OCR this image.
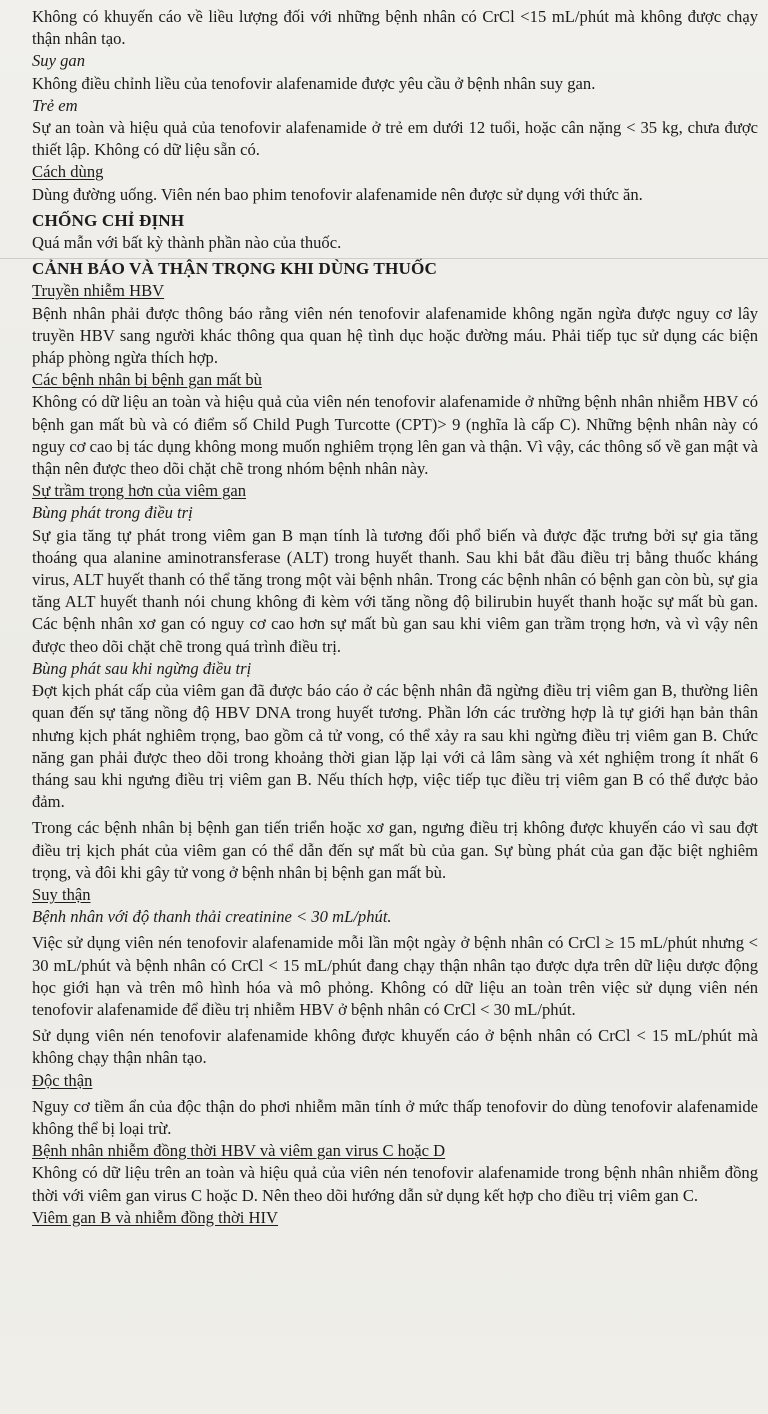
Không có khuyến cáo về liều lượng đối với những bệnh nhân có CrCl <15 mL/phút mà không được chạy thận nhân tạo.

Suy gan

Không điều chỉnh liều của tenofovir alafenamide được yêu cầu ở bệnh nhân suy gan.

Trẻ em

Sự an toàn và hiệu quả của tenofovir alafenamide ở trẻ em dưới 12 tuổi, hoặc cân nặng < 35 kg, chưa được thiết lập. Không có dữ liệu sẵn có.

Cách dùng

Dùng đường uống. Viên nén bao phim tenofovir alafenamide nên được sử dụng với thức ăn.

CHỐNG CHỈ ĐỊNH

Quá mẫn với bất kỳ thành phần nào của thuốc.

CẢNH BÁO VÀ THẬN TRỌNG KHI DÙNG THUỐC

Truyền nhiễm HBV

Bệnh nhân phải được thông báo rằng viên nén tenofovir alafenamide không ngăn ngừa được nguy cơ lây truyền HBV sang người khác thông qua quan hệ tình dục hoặc đường máu. Phải tiếp tục sử dụng các biện pháp phòng ngừa thích hợp.

Các bệnh nhân bị bệnh gan mất bù

Không có dữ liệu an toàn và hiệu quả của viên nén tenofovir alafenamide ở những bệnh nhân nhiễm HBV có bệnh gan mất bù và có điểm số Child Pugh Turcotte (CPT)> 9 (nghĩa là cấp C). Những bệnh nhân này có nguy cơ cao bị tác dụng không mong muốn nghiêm trọng lên gan và thận. Vì vậy, các thông số về gan mật và thận nên được theo dõi chặt chẽ trong nhóm bệnh nhân này.

Sự trầm trọng hơn của viêm gan

Bùng phát trong điều trị

Sự gia tăng tự phát trong viêm gan B mạn tính là tương đối phổ biến và được đặc trưng bởi sự gia tăng thoáng qua alanine aminotransferase (ALT) trong huyết thanh. Sau khi bắt đầu điều trị bằng thuốc kháng virus, ALT huyết thanh có thể tăng trong một vài bệnh nhân. Trong các bệnh nhân có bệnh gan còn bù, sự gia tăng ALT huyết thanh nói chung không đi kèm với tăng nồng độ bilirubin huyết thanh hoặc sự mất bù gan. Các bệnh nhân xơ gan có nguy cơ cao hơn sự mất bù gan sau khi viêm gan trầm trọng hơn, và vì vậy nên được theo dõi chặt chẽ trong quá trình điều trị.

Bùng phát sau khi ngừng điều trị

Đợt kịch phát cấp của viêm gan đã được báo cáo ở các bệnh nhân đã ngừng điều trị viêm gan B, thường liên quan đến sự tăng nồng độ HBV DNA trong huyết tương. Phần lớn các trường hợp là tự giới hạn bản thân nhưng kịch phát nghiêm trọng, bao gồm cả tử vong, có thể xảy ra sau khi ngừng điều trị viêm gan B. Chức năng gan phải được theo dõi trong khoảng thời gian lặp lại với cả lâm sàng và xét nghiệm trong ít nhất 6 tháng sau khi ngưng điều trị viêm gan B. Nếu thích hợp, việc tiếp tục điều trị viêm gan B có thể được bảo đảm.

Trong các bệnh nhân bị bệnh gan tiến triển hoặc xơ gan, ngưng điều trị không được khuyến cáo vì sau đợt điều trị kịch phát của viêm gan có thể dẫn đến sự mất bù của gan. Sự bùng phát của gan đặc biệt nghiêm trọng, và đôi khi gây tử vong ở bệnh nhân bị bệnh gan mất bù.

Suy thận

Bệnh nhân với độ thanh thải creatinine < 30 mL/phút.

Việc sử dụng viên nén tenofovir alafenamide mỗi lần một ngày ở bệnh nhân có CrCl ≥ 15 mL/phút nhưng < 30 mL/phút và bệnh nhân có CrCl < 15 mL/phút đang chạy thận nhân tạo được dựa trên dữ liệu dược động học giới hạn và trên mô hình hóa và mô phỏng. Không có dữ liệu an toàn trên việc sử dụng viên nén tenofovir alafenamide để điều trị nhiễm HBV ở bệnh nhân có CrCl < 30 mL/phút.

Sử dụng viên nén tenofovir alafenamide không được khuyến cáo ở bệnh nhân có CrCl < 15 mL/phút mà không chạy thận nhân tạo.

Độc thận

Nguy cơ tiềm ẩn của độc thận do phơi nhiễm mãn tính ở mức thấp tenofovir do dùng tenofovir alafenamide không thể bị loại trừ.

Bệnh nhân nhiễm đồng thời HBV và viêm gan virus C hoặc D

Không có dữ liệu trên an toàn và hiệu quả của viên nén tenofovir alafenamide trong bệnh nhân nhiễm đồng thời với viêm gan virus C hoặc D. Nên theo dõi hướng dẫn sử dụng kết hợp cho điều trị viêm gan C.

Viêm gan B và nhiễm đồng thời HIV
